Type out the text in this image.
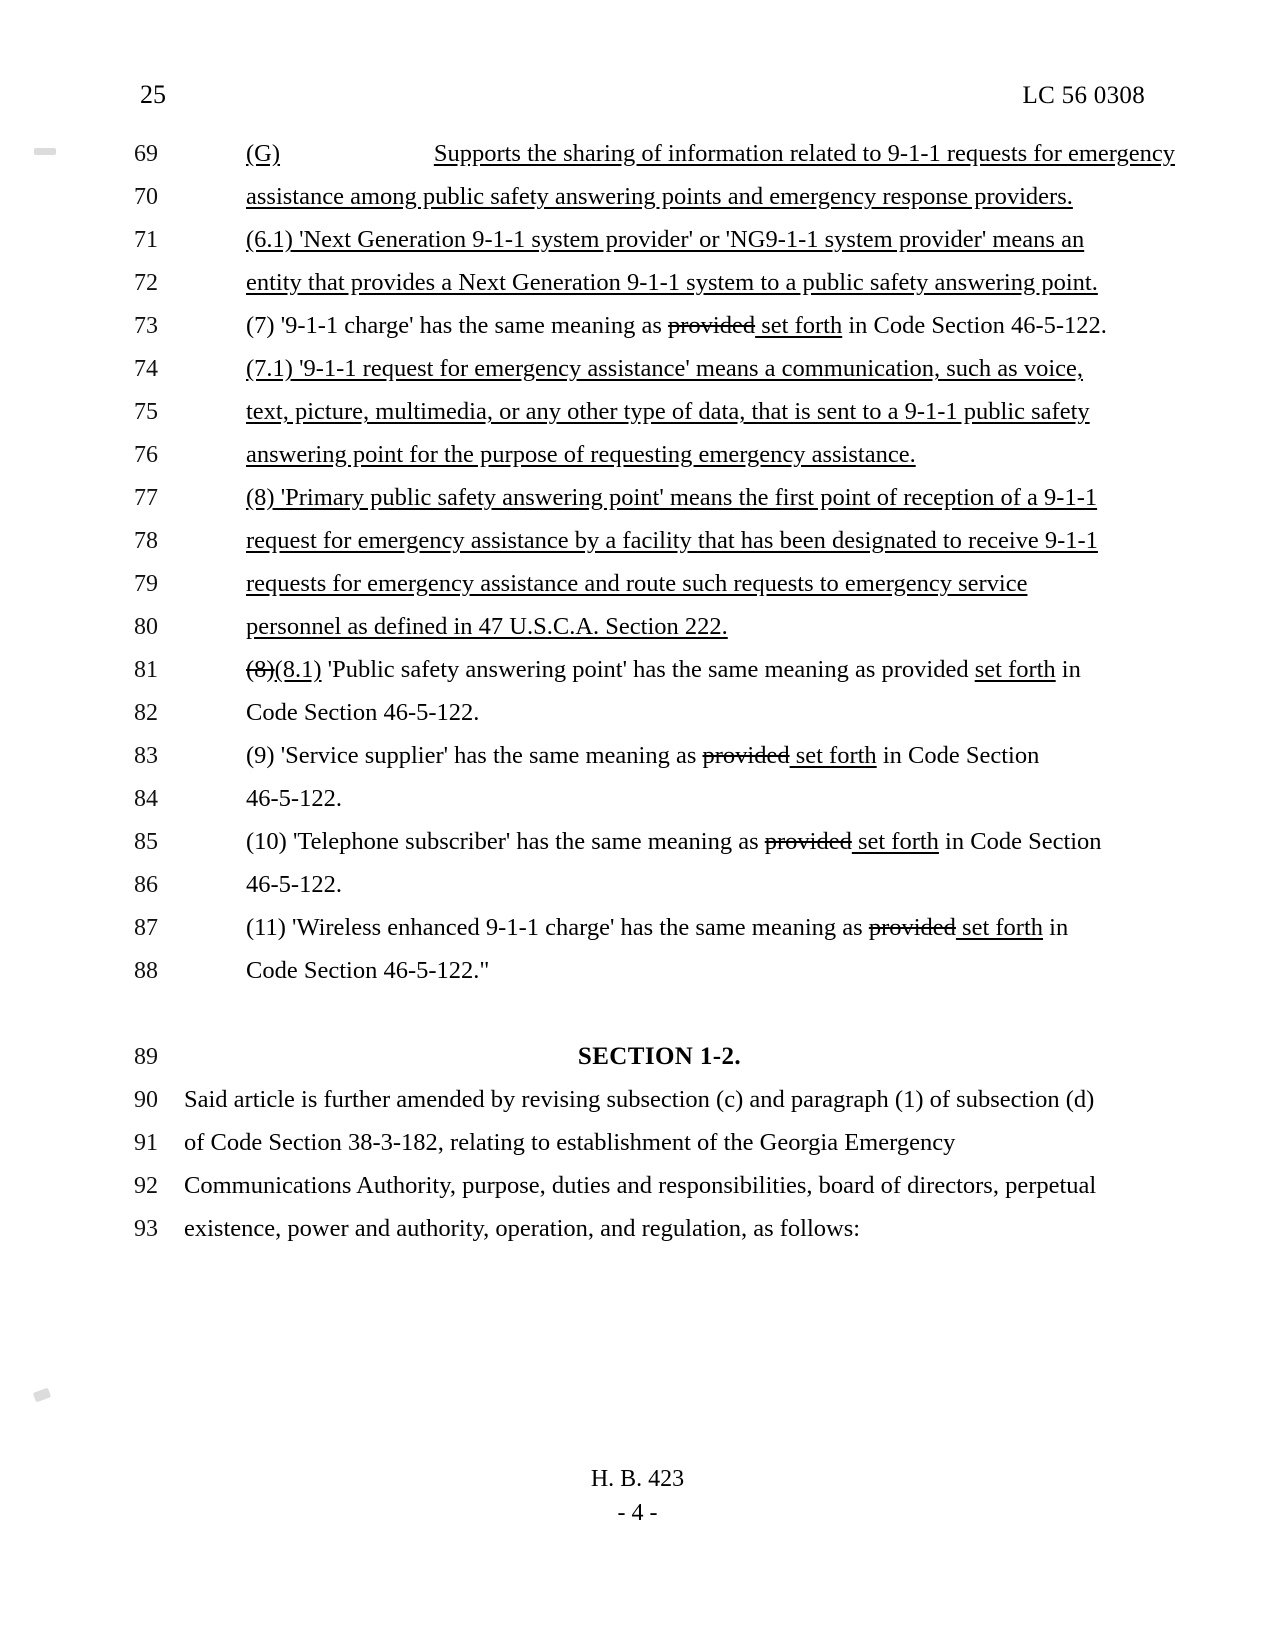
25	LC 56 0308
69	(G)	Supports the sharing of information related to 9-1-1 requests for emergency
70	assistance among public safety answering points and emergency response providers.
71	(6.1) 'Next Generation 9-1-1 system provider' or 'NG9-1-1 system provider' means an
72	entity that provides a Next Generation 9-1-1 system to a public safety answering point.
73	(7) '9-1-1 charge' has the same meaning as provided set forth in Code Section 46-5-122.
74	(7.1) '9-1-1 request for emergency assistance' means a communication, such as voice,
75	text, picture, multimedia, or any other type of data, that is sent to a 9-1-1 public safety
76	answering point for the purpose of requesting emergency assistance.
77	(8) 'Primary public safety answering point' means the first point of reception of a 9-1-1
78	request for emergency assistance by a facility that has been designated to receive 9-1-1
79	requests for emergency assistance and route such requests to emergency service
80	personnel as defined in 47 U.S.C.A. Section 222.
81	(8)(8.1) 'Public safety answering point' has the same meaning as provided set forth in
82	Code Section 46-5-122.
83	(9) 'Service supplier' has the same meaning as provided set forth in Code Section
84	46-5-122.
85	(10) 'Telephone subscriber' has the same meaning as provided set forth in Code Section
86	46-5-122.
87	(11) 'Wireless enhanced 9-1-1 charge' has the same meaning as provided set forth in
88	Code Section 46-5-122."

89	SECTION 1-2.
90	Said article is further amended by revising subsection (c) and paragraph (1) of subsection (d)
91	of Code Section 38-3-182, relating to establishment of the Georgia Emergency
92	Communications Authority, purpose, duties and responsibilities, board of directors, perpetual
93	existence, power and authority, operation, and regulation, as follows:
H. B. 423
- 4 -
